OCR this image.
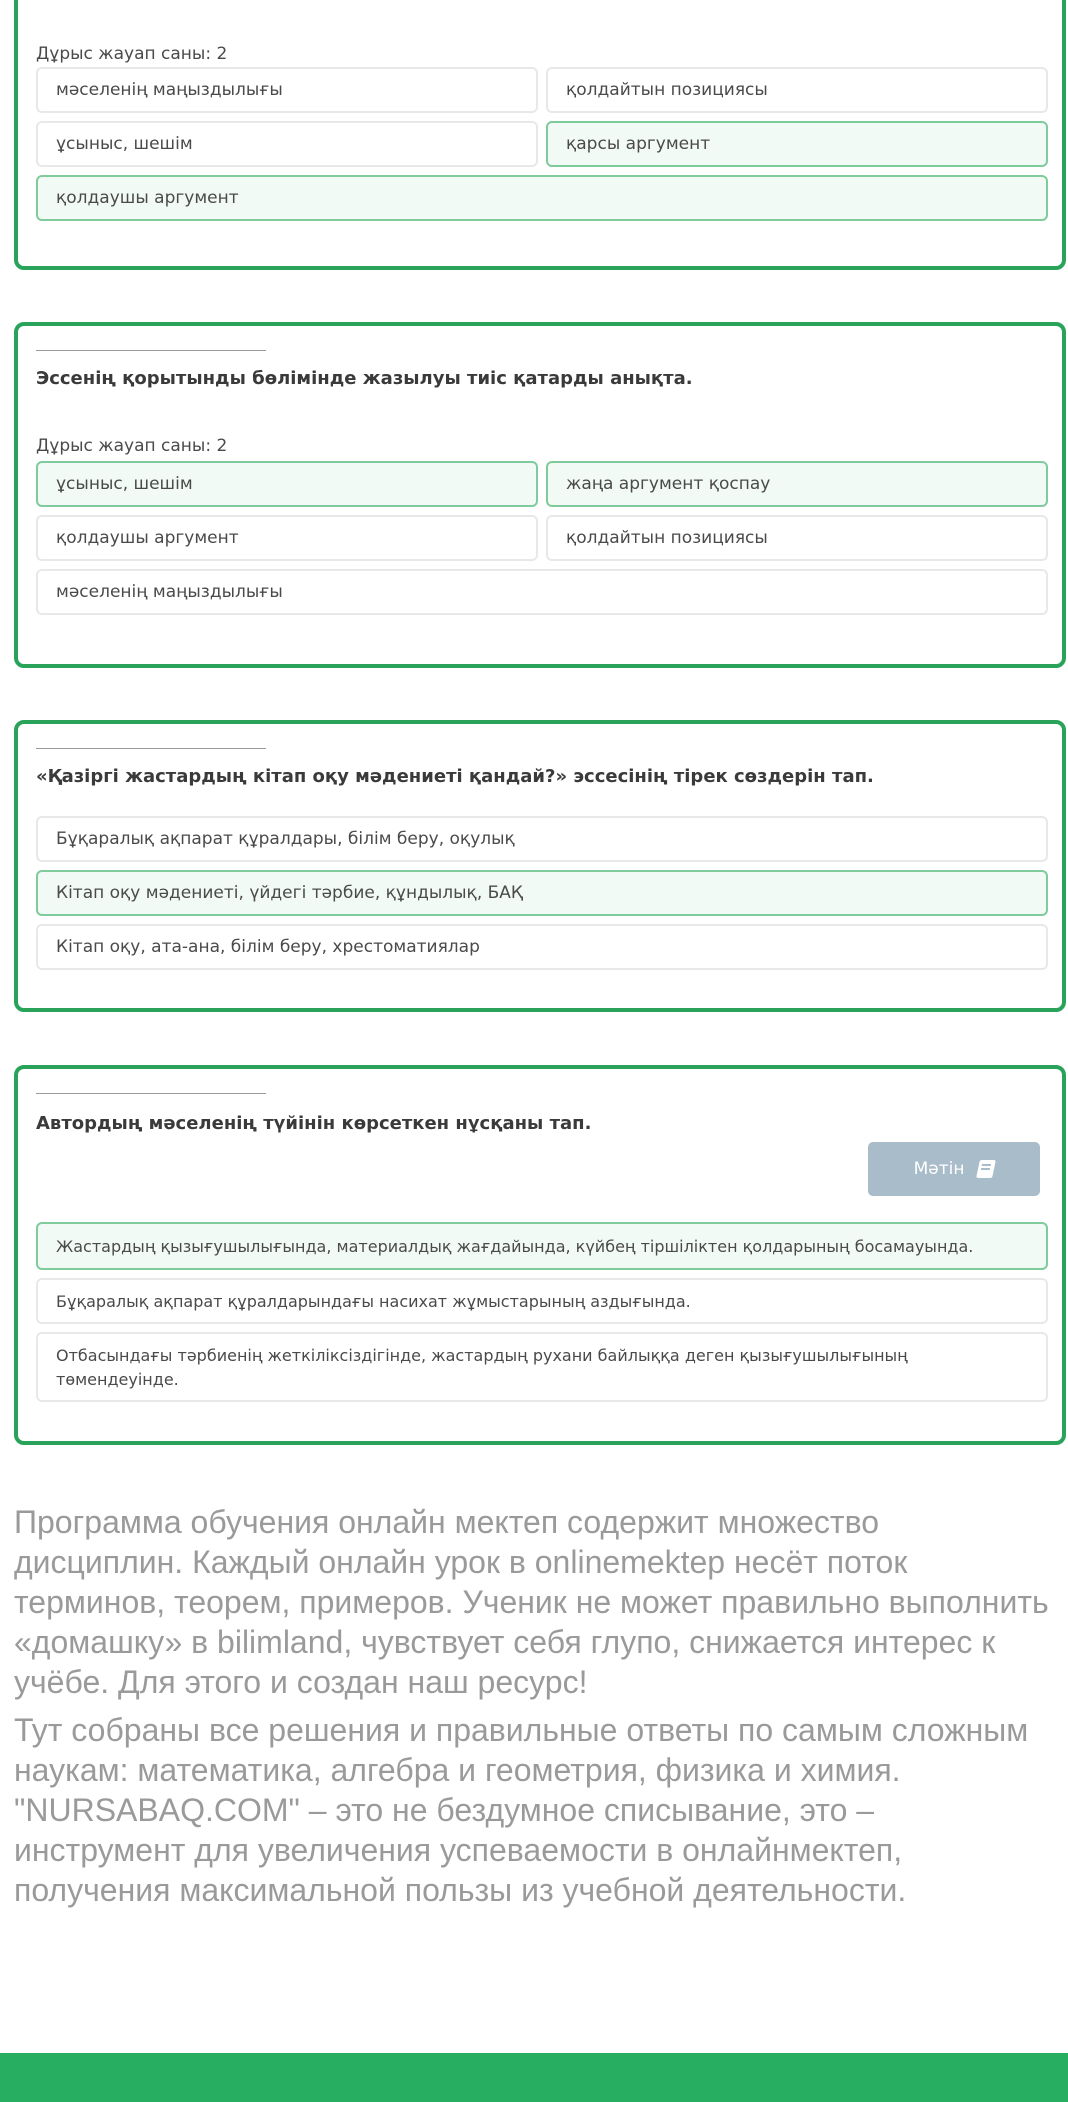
Дұрыс жауап саны: 2
мәселенің маңыздылығы	қолдайтын позициясы
ұсыныс, шешім	қарсы аргумент
қолдаушы аргумент
Эссенің қорытынды бөлімінде жазылуы тиіс қатарды анықта.
Дұрыс жауап саны: 2
ұсыныс, шешім	жаңа аргумент қоспау
қолдаушы аргумент	қолдайтын позициясы
мәселенің маңыздылығы
«Қазіргі жастардың кітап оқу мәдениеті қандай?» эссесінің тірек сөздерін тап.
Бұқаралық ақпарат құралдары, білім беру, оқулық
Кітап оқу мәдениеті, үйдегі тәрбие, құндылық, БАҚ
Кітап оқу, ата-ана, білім беру, хрестоматиялар
Автордың мәселенің түйінін көрсеткен нұсқаны тап.
Мәтін
Жастардың қызығушылығында, материалдық жағдайында, күйбең тіршіліктен қолдарының босамауында.
Бұқаралық ақпарат құралдарындағы насихат жұмыстарының аздығында.
Отбасындағы тәрбиенің жеткіліксіздігінде, жастардың рухани байлыққа деген қызығушылығының төмендеуінде.

Программа обучения онлайн мектеп содержит множество дисциплин. Каждый онлайн урок в onlinemektep несёт поток терминов, теорем, примеров. Ученик не может правильно выполнить «домашку» в bilimland, чувствует себя глупо, снижается интерес к учёбе. Для этого и создан наш ресурс!

Тут собраны все решения и правильные ответы по самым сложным наукам: математика, алгебра и геометрия, физика и химия. "NURSABAQ.COM" – это не бездумное списывание, это – инструмент для увеличения успеваемости в онлайнмектеп, получения максимальной пользы из учебной деятельности.
